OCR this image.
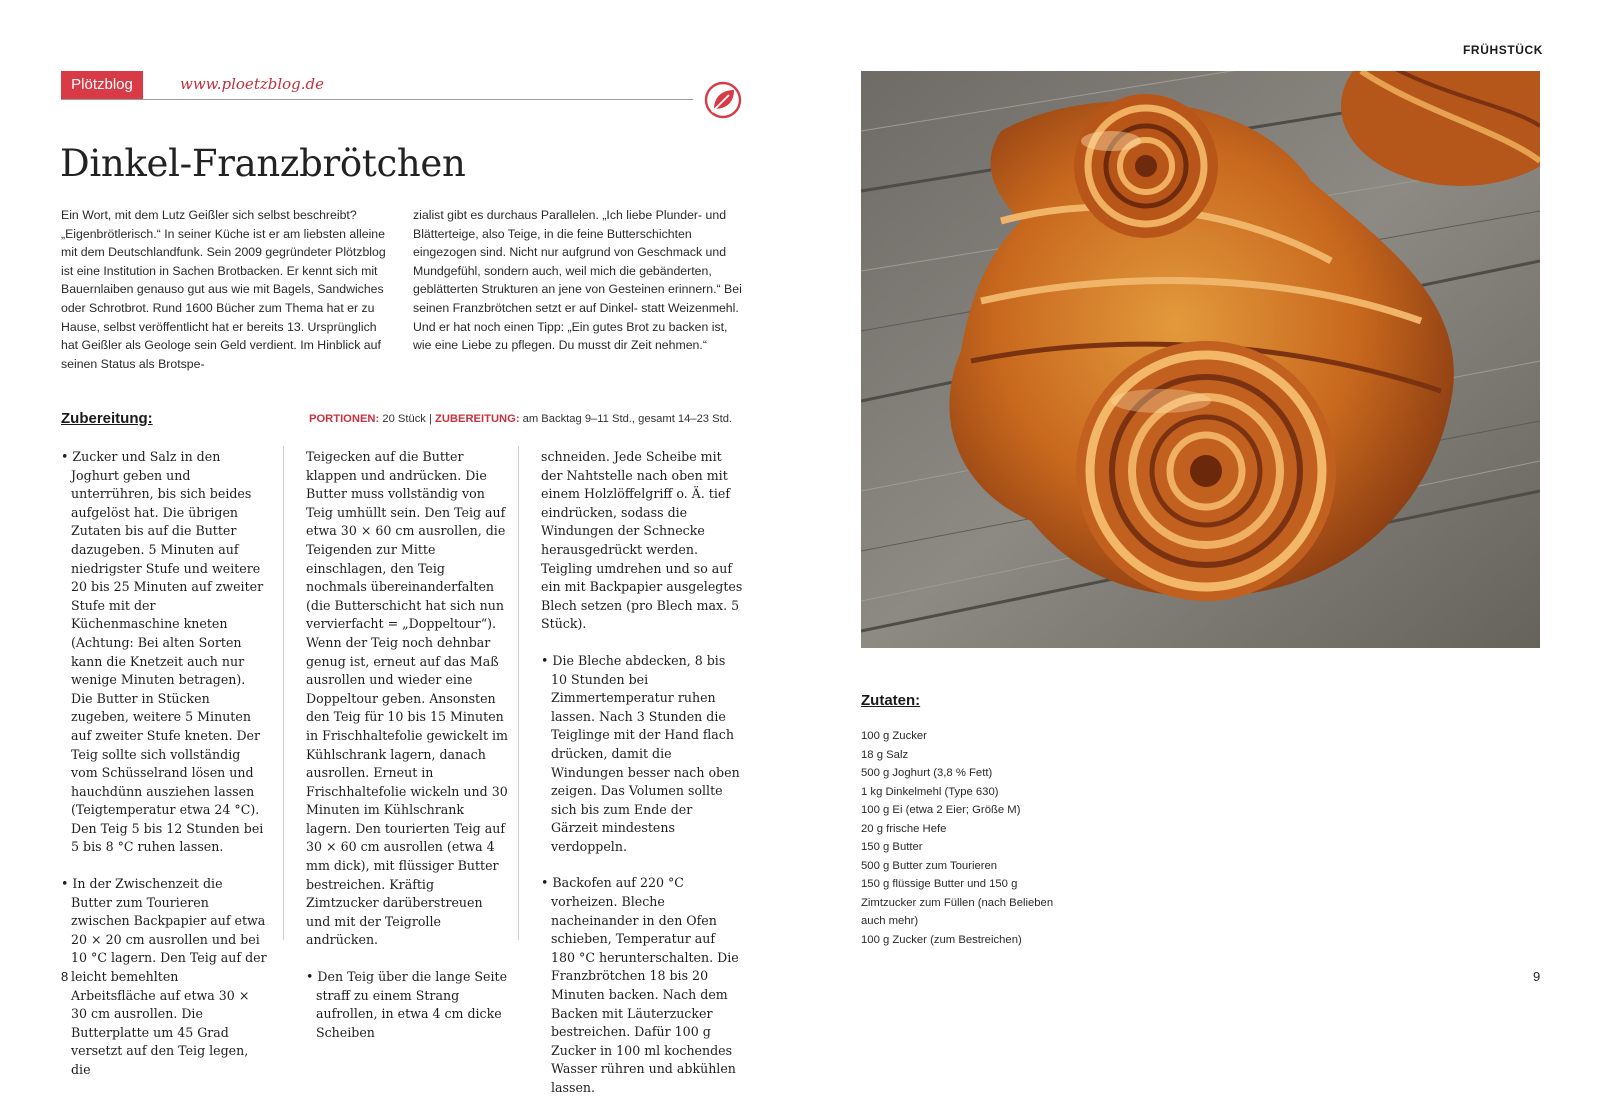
Plötzblog	www.ploetzblog.de
Dinkel-Franzbrötchen

Ein Wort, mit dem Lutz Geißler sich selbst beschreibt? „Eigenbrötlerisch.“ In seiner Küche ist er am liebsten alleine mit dem Deutschlandfunk. Sein 2009 gegründeter Plötzblog ist eine Institution in Sachen Brotbacken. Er kennt sich mit Bauernlaiben genauso gut aus wie mit Bagels, Sandwiches oder Schrotbrot. Rund 1600 Bücher zum Thema hat er zu Hause, selbst veröffentlicht hat er bereits 13. Ursprünglich hat Geißler als Geologe sein Geld verdient. Im Hinblick auf seinen Status als Brotspe-

zialist gibt es durchaus Parallelen. „Ich liebe Plunder- und Blätterteige, also Teige, in die feine Butterschichten eingezogen sind. Nicht nur aufgrund von Geschmack und Mundgefühl, sondern auch, weil mich die gebänderten, geblätterten Strukturen an jene von Gesteinen erinnern.“ Bei seinen Franzbrötchen setzt er auf Dinkel- statt Weizenmehl. Und er hat noch einen Tipp: „Ein gutes Brot zu backen ist, wie eine Liebe zu pflegen. Du musst dir Zeit nehmen.“

Zubereitung:	PORTIONEN: 20 Stück | ZUBEREITUNG: am Backtag 9–11 Std., gesamt 14–23 Std.

• Zucker und Salz in den Joghurt geben und unterrühren, bis sich beides aufgelöst hat. Die übrigen Zutaten bis auf die Butter dazugeben. 5 Minuten auf niedrigster Stufe und weitere 20 bis 25 Minuten auf zweiter Stufe mit der Küchenmaschine kneten (Achtung: Bei alten Sorten kann die Knetzeit auch nur wenige Minuten betragen). Die Butter in Stücken zugeben, weitere 5 Minuten auf zweiter Stufe kneten. Der Teig sollte sich vollständig vom Schüsselrand lösen und hauchdünn ausziehen lassen (Teigtemperatur etwa 24 °C). Den Teig 5 bis 12 Stunden bei 5 bis 8 °C ruhen lassen.

• In der Zwischenzeit die Butter zum Tourieren zwischen Backpapier auf etwa 20 × 20 cm ausrollen und bei 10 °C lagern. Den Teig auf der leicht bemehlten Arbeitsfläche auf etwa 30 × 30 cm ausrollen. Die Butterplatte um 45 Grad versetzt auf den Teig legen, die

Teigecken auf die Butter klappen und andrücken. Die Butter muss vollständig von Teig umhüllt sein. Den Teig auf etwa 30 × 60 cm ausrollen, die Teigenden zur Mitte einschlagen, den Teig nochmals übereinanderfalten (die Butterschicht hat sich nun vervierfacht = „Doppeltour“). Wenn der Teig noch dehnbar genug ist, erneut auf das Maß ausrollen und wieder eine Doppeltour geben. Ansonsten den Teig für 10 bis 15 Minuten in Frischhaltefolie gewickelt im Kühlschrank lagern, danach ausrollen. Erneut in Frischhaltefolie wickeln und 30 Minuten im Kühlschrank lagern. Den tourierten Teig auf 30 × 60 cm ausrollen (etwa 4 mm dick), mit flüssiger Butter bestreichen. Kräftig Zimtzucker darüberstreuen und mit der Teigrolle andrücken.

• Den Teig über die lange Seite straff zu einem Strang aufrollen, in etwa 4 cm dicke Scheiben

schneiden. Jede Scheibe mit der Nahtstelle nach oben mit einem Holzlöffelgriff o. Ä. tief eindrücken, sodass die Windungen der Schnecke herausgedrückt werden. Teigling umdrehen und so auf ein mit Backpapier ausgelegtes Blech setzen (pro Blech max. 5 Stück).

• Die Bleche abdecken, 8 bis 10 Stunden bei Zimmertemperatur ruhen lassen. Nach 3 Stunden die Teiglinge mit der Hand flach drücken, damit die Windungen besser nach oben zeigen. Das Volumen sollte sich bis zum Ende der Gärzeit mindestens verdoppeln.

• Backofen auf 220 °C vorheizen. Bleche nacheinander in den Ofen schieben, Temperatur auf 180 °C herunterschalten. Die Franzbrötchen 18 bis 20 Minuten backen. Nach dem Backen mit Läuterzucker bestreichen. Dafür 100 g Zucker in 100 ml kochendes Wasser rühren und abkühlen lassen.

8	9
FRÜHSTÜCK
Zutaten:
100 g Zucker
18 g Salz
500 g Joghurt (3,8 % Fett)
1 kg Dinkelmehl (Type 630)
100 g Ei (etwa 2 Eier; Größe M)
20 g frische Hefe
150 g Butter
500 g Butter zum Tourieren
150 g flüssige Butter und 150 g Zimtzucker zum Füllen (nach Belieben auch mehr)
100 g Zucker (zum Bestreichen)
